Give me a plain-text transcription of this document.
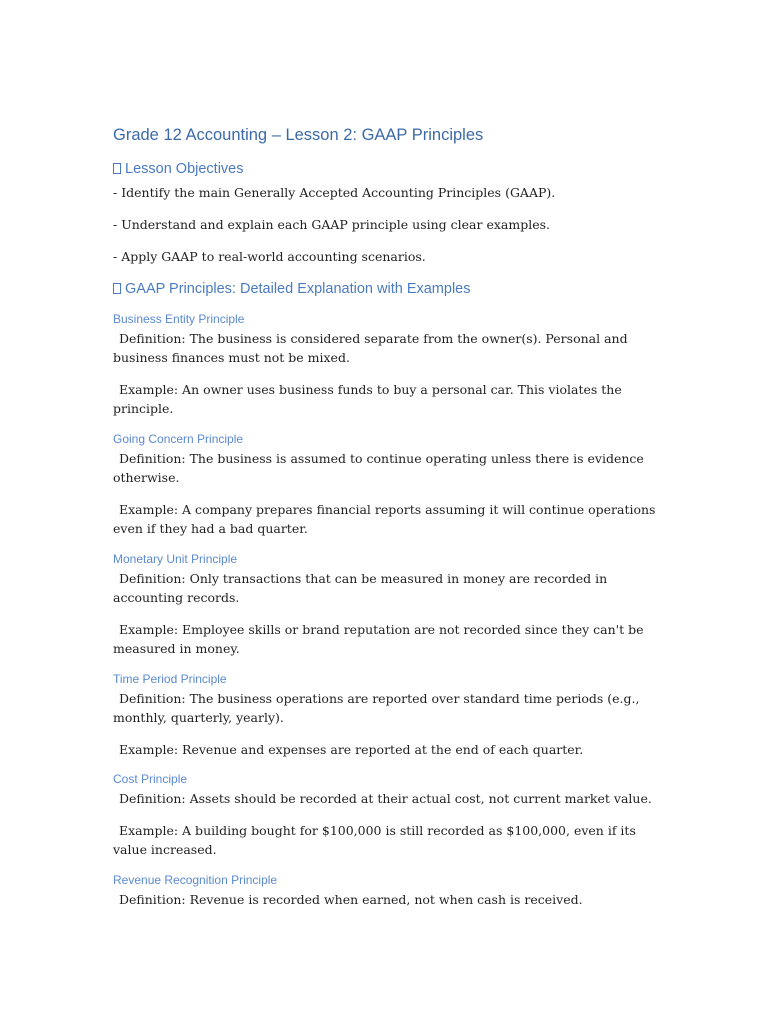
Grade 12 Accounting – Lesson 2: GAAP Principles
Lesson Objectives

- Identify the main Generally Accepted Accounting Principles (GAAP).

- Understand and explain each GAAP principle using clear examples.

- Apply GAAP to real-world accounting scenarios.

GAAP Principles: Detailed Explanation with Examples
Business Entity Principle

Definition: The business is considered separate from the owner(s). Personal and business finances must not be mixed.

Example: An owner uses business funds to buy a personal car. This violates the principle.

Going Concern Principle

Definition: The business is assumed to continue operating unless there is evidence otherwise.

Example: A company prepares financial reports assuming it will continue operations even if they had a bad quarter.

Monetary Unit Principle

Definition: Only transactions that can be measured in money are recorded in accounting records.

Example: Employee skills or brand reputation are not recorded since they can't be measured in money.

Time Period Principle

Definition: The business operations are reported over standard time periods (e.g., monthly, quarterly, yearly).

Example: Revenue and expenses are reported at the end of each quarter.

Cost Principle

Definition: Assets should be recorded at their actual cost, not current market value.

Example: A building bought for $100,000 is still recorded as $100,000, even if its value increased.

Revenue Recognition Principle

Definition: Revenue is recorded when earned, not when cash is received.
